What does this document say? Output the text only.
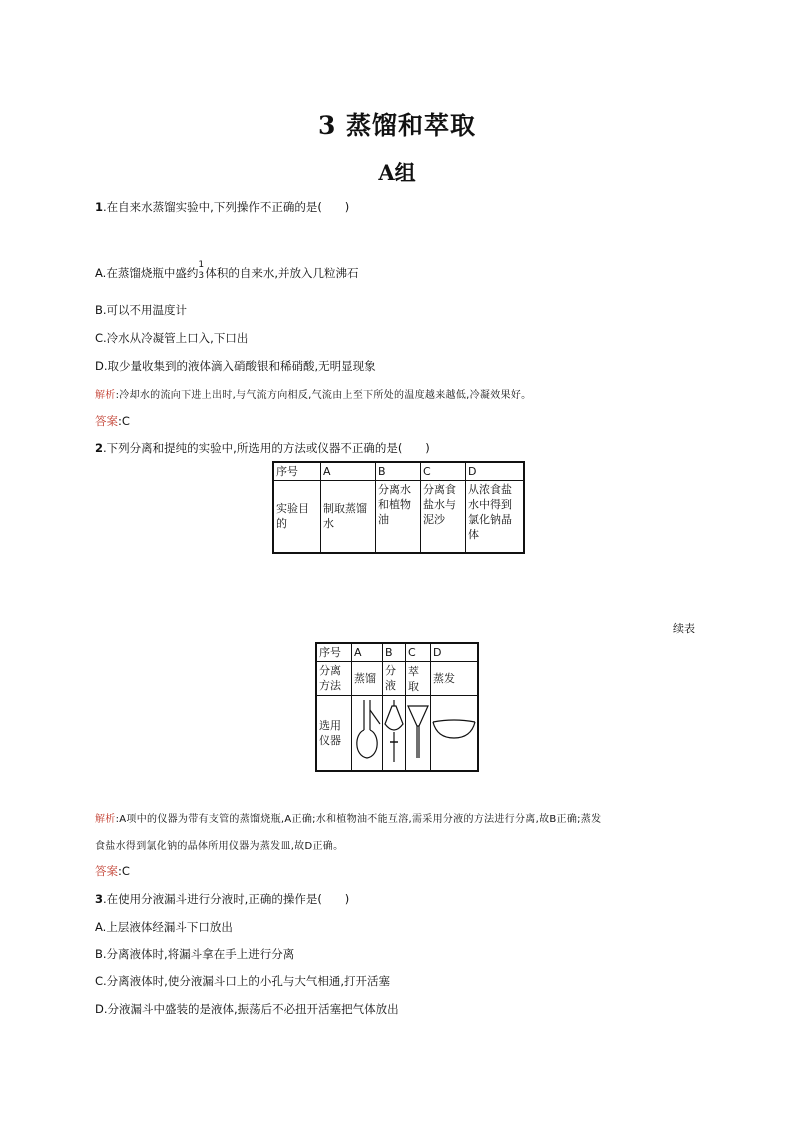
3 蒸馏和萃取
A组
1.在自来水蒸馏实验中,下列操作不正确的是(　　)
A.在蒸馏烧瓶中盛约
1
3 体积的自来水,并放入几粒沸石
B.可以不用温度计
C.冷水从冷凝管上口入,下口出
D.取少量收集到的液体滴入硝酸银和稀硝酸,无明显现象
解析:冷却水的流向下进上出时,与气流方向相反,气流由上至下所处的温度越来越低,冷凝效果好。
答案:C
2.下列分离和提纯的实验中,所选用的方法或仪器不正确的是(　　)
序号	A	B	C	D
实验目的	制取蒸馏水	分离水和植物油	分离食盐水与泥沙	从浓食盐水中得到氯化钠晶体
续表
序号	A	B	C	D
分离方法	蒸馏	分液	萃取	蒸发
选用仪器				
解析:A项中的仪器为带有支管的蒸馏烧瓶,A正确;水和植物油不能互溶,需采用分液的方法进行分离,故B正确;蒸发
食盐水得到氯化钠的晶体所用仪器为蒸发皿,故D正确。
答案:C
3.在使用分液漏斗进行分液时,正确的操作是(　　)
A.上层液体经漏斗下口放出
B.分离液体时,将漏斗拿在手上进行分离
C.分离液体时,使分液漏斗口上的小孔与大气相通,打开活塞
D.分液漏斗中盛装的是液体,振荡后不必扭开活塞把气体放出
